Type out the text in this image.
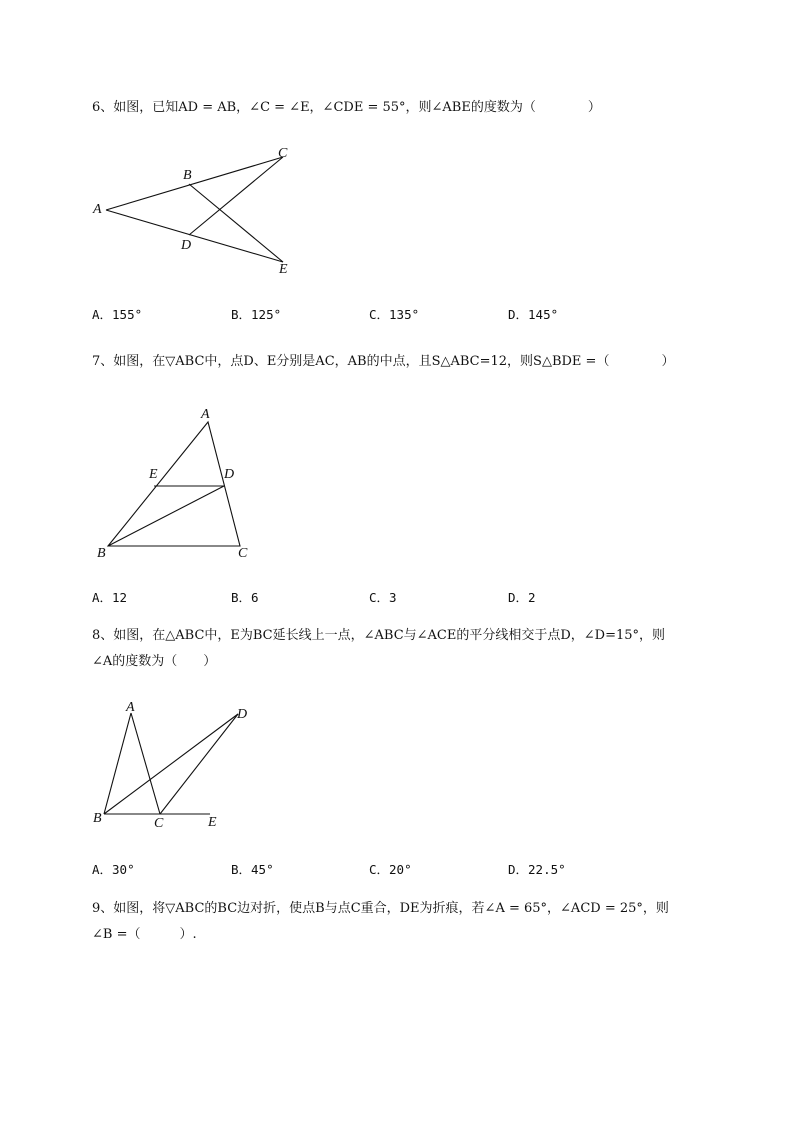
6、如图，已知AD = AB，∠C = ∠E，∠CDE = 55°，则∠ABE的度数为（　　　　）
A
B
C
D
E
A．155°	B．125°	C．135°	D．145°
7、如图，在▽ABC中，点D、E分别是AC，AB的中点，且S△ABC=12，则S△BDE =（　　　　）
A
E	D
B	C
A．12	B．6	C．3	D．2
8、如图，在△ABC中，E为BC延长线上一点，∠ABC与∠ACE的平分线相交于点D，∠D=15°，则
∠A的度数为（　　）
A	D
B	C	E
A．30°	B．45°	C．20°	D．22.5°
9、如图，将▽ABC的BC边对折，使点B与点C重合，DE为折痕，若∠A = 65°，∠ACD = 25°，则
∠B =（　　　）.
